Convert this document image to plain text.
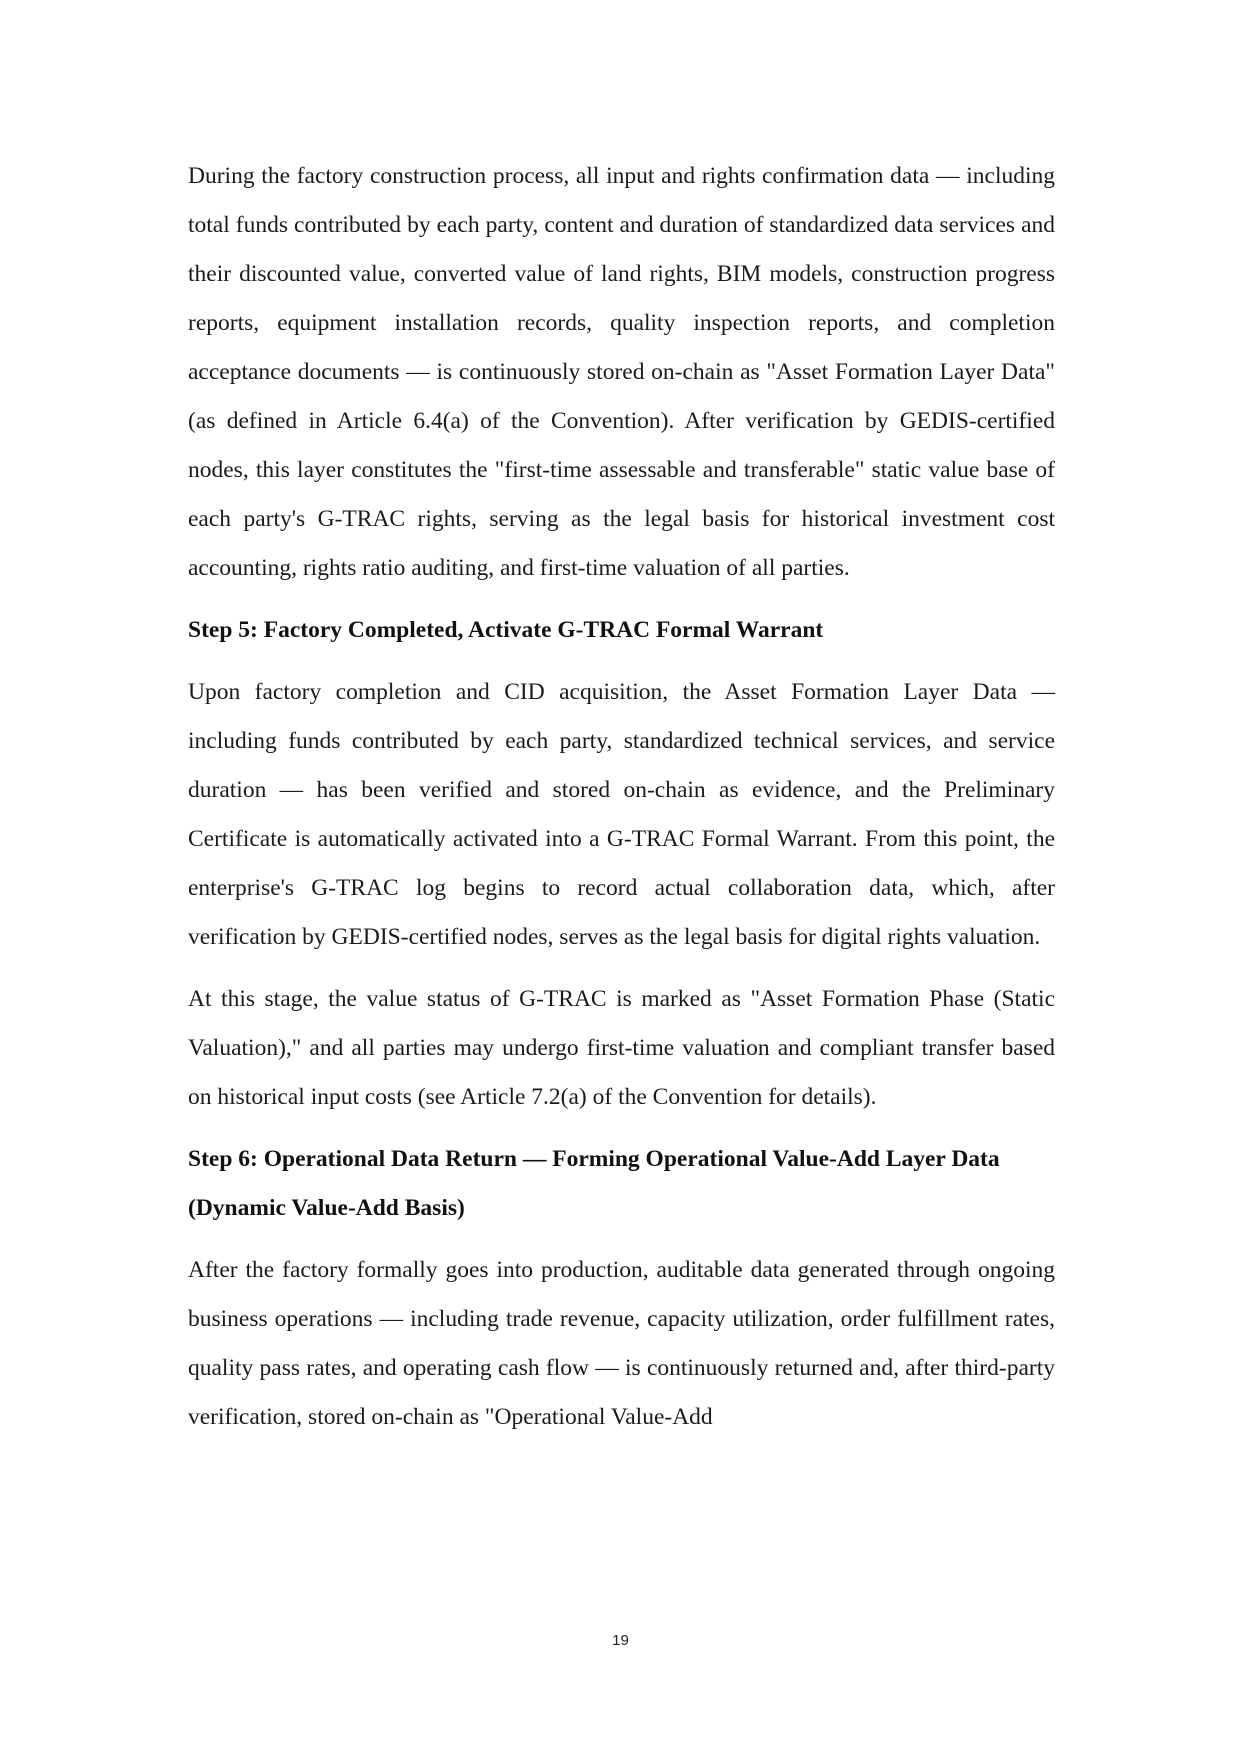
During the factory construction process, all input and rights confirmation data — including total funds contributed by each party, content and duration of standardized data services and their discounted value, converted value of land rights, BIM models, construction progress reports, equipment installation records, quality inspection reports, and completion acceptance documents — is continuously stored on-chain as "Asset Formation Layer Data" (as defined in Article 6.4(a) of the Convention). After verification by GEDIS-certified nodes, this layer constitutes the "first-time assessable and transferable" static value base of each party's G-TRAC rights, serving as the legal basis for historical investment cost accounting, rights ratio auditing, and first-time valuation of all parties.

Step 5: Factory Completed, Activate G-TRAC Formal Warrant

Upon factory completion and CID acquisition, the Asset Formation Layer Data — including funds contributed by each party, standardized technical services, and service duration — has been verified and stored on-chain as evidence, and the Preliminary Certificate is automatically activated into a G-TRAC Formal Warrant. From this point, the enterprise's G-TRAC log begins to record actual collaboration data, which, after verification by GEDIS-certified nodes, serves as the legal basis for digital rights valuation.

At this stage, the value status of G-TRAC is marked as "Asset Formation Phase (Static Valuation)," and all parties may undergo first-time valuation and compliant transfer based on historical input costs (see Article 7.2(a) of the Convention for details).

Step 6: Operational Data Return — Forming Operational Value-Add Layer Data (Dynamic Value-Add Basis)

After the factory formally goes into production, auditable data generated through ongoing business operations — including trade revenue, capacity utilization, order fulfillment rates, quality pass rates, and operating cash flow — is continuously returned and, after third-party verification, stored on-chain as "Operational Value-Add

19
